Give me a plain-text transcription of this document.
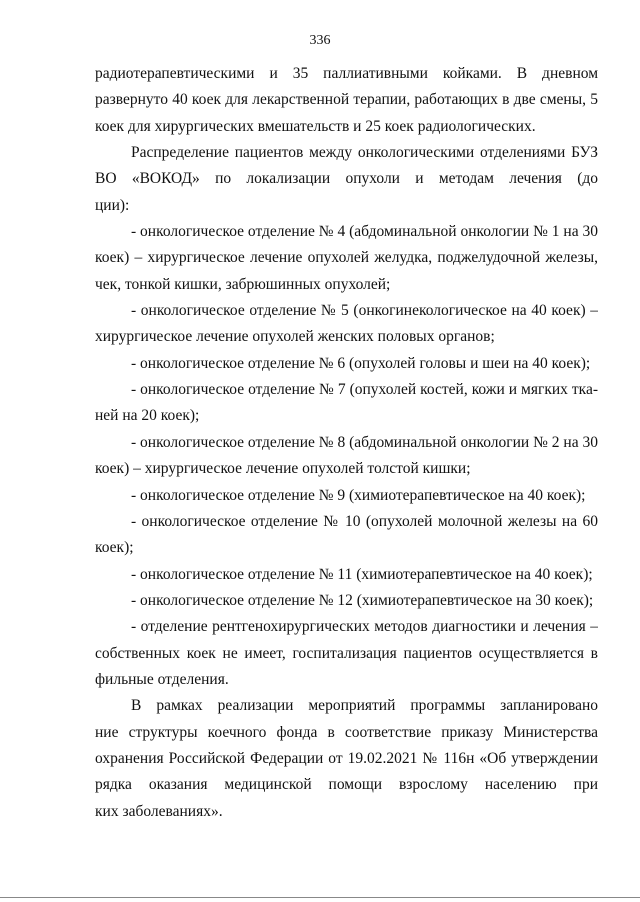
336
радиотерапевтическими и 35 паллиативными койками. В дневном
развернуто 40 коек для лекарственной терапии, работающих в две смены, 5
коек для хирургических вмешательств и 25 коек радиологических.
Распределение пациентов между онкологическими отделениями БУЗ
ВО «ВОКОД» по локализации опухоли и методам лечения (до
ции):
- онкологическое отделение № 4 (абдоминальной онкологии № 1 на 30
коек) – хирургическое лечение опухолей желудка, поджелудочной железы,
чек, тонкой кишки, забрюшинных опухолей;
- онкологическое отделение № 5 (онкогинекологическое на 40 коек) –
хирургическое лечение опухолей женских половых органов;
- онкологическое отделение № 6 (опухолей головы и шеи на 40 коек);
- онкологическое отделение № 7 (опухолей костей, кожи и мягких тка-
ней на 20 коек);
- онкологическое отделение № 8 (абдоминальной онкологии № 2 на 30
коек) – хирургическое лечение опухолей толстой кишки;
- онкологическое отделение № 9 (химиотерапевтическое на 40 коек);
- онкологическое отделение № 10 (опухолей молочной железы на 60
коек);
- онкологическое отделение № 11 (химиотерапевтическое на 40 коек);
- онкологическое отделение № 12 (химиотерапевтическое на 30 коек);
- отделение рентгенохирургических методов диагностики и лечения –
собственных коек не имеет, госпитализация пациентов осуществляется в
фильные отделения.
В рамках реализации мероприятий программы запланировано
ние структуры коечного фонда в соответствие приказу Министерства
охранения Российской Федерации от 19.02.2021 № 116н «Об утверждении
рядка оказания медицинской помощи взрослому населению при
ких заболеваниях».
